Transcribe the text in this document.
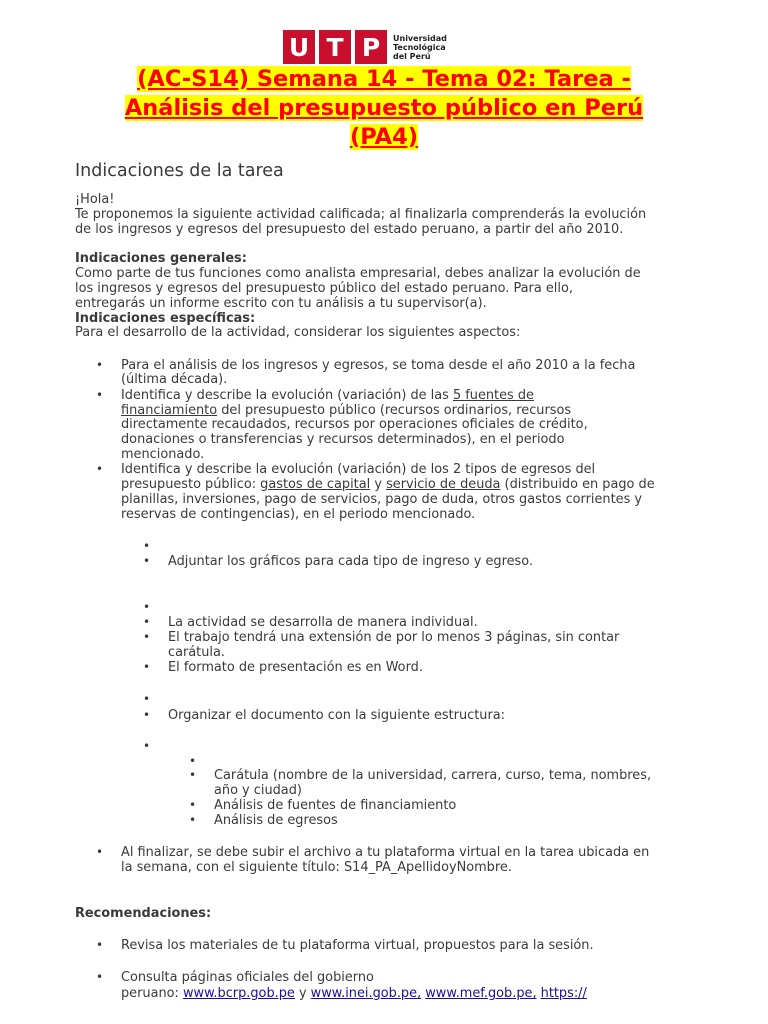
U T P	Universidad
Tecnológica
del Perú
(AC-S14) Semana 14 - Tema 02: Tarea -
Análisis del presupuesto público en Perú
(PA4)
Indicaciones de la tarea
¡Hola!
Te proponemos la siguiente actividad calificada; al finalizarla comprenderás la evolución
de los ingresos y egresos del presupuesto del estado peruano, a partir del año 2010.
Indicaciones generales:
Como parte de tus funciones como analista empresarial, debes analizar la evolución de
los ingresos y egresos del presupuesto público del estado peruano. Para ello,
entregarás un informe escrito con tu análisis a tu supervisor(a).
Indicaciones específicas:
Para el desarrollo de la actividad, considerar los siguientes aspectos:
• Para el análisis de los ingresos y egresos, se toma desde el año 2010 a la fecha
(última década).
• Identifica y describe la evolución (variación) de las 5 fuentes de
financiamiento del presupuesto público (recursos ordinarios, recursos
directamente recaudados, recursos por operaciones oficiales de crédito,
donaciones o transferencias y recursos determinados), en el periodo
mencionado.
• Identifica y describe la evolución (variación) de los 2 tipos de egresos del
presupuesto público: gastos de capital y servicio de deuda (distribuido en pago de
planillas, inversiones, pago de servicios, pago de duda, otros gastos corrientes y
reservas de contingencias), en el periodo mencionado.
•
• Adjuntar los gráficos para cada tipo de ingreso y egreso.
•
• La actividad se desarrolla de manera individual.
• El trabajo tendrá una extensión de por lo menos 3 páginas, sin contar
carátula.
• El formato de presentación es en Word.
•
• Organizar el documento con la siguiente estructura:
•
•
• Carátula (nombre de la universidad, carrera, curso, tema, nombres,
año y ciudad)
• Análisis de fuentes de financiamiento
• Análisis de egresos
• Al finalizar, se debe subir el archivo a tu plataforma virtual en la tarea ubicada en
la semana, con el siguiente título: S14_PA_ApellidoyNombre.
Recomendaciones:
• Revisa los materiales de tu plataforma virtual, propuestos para la sesión.
• Consulta páginas oficiales del gobierno
peruano: www.bcrp.gob.pe y www.inei.gob.pe, www.mef.gob.pe, https://
